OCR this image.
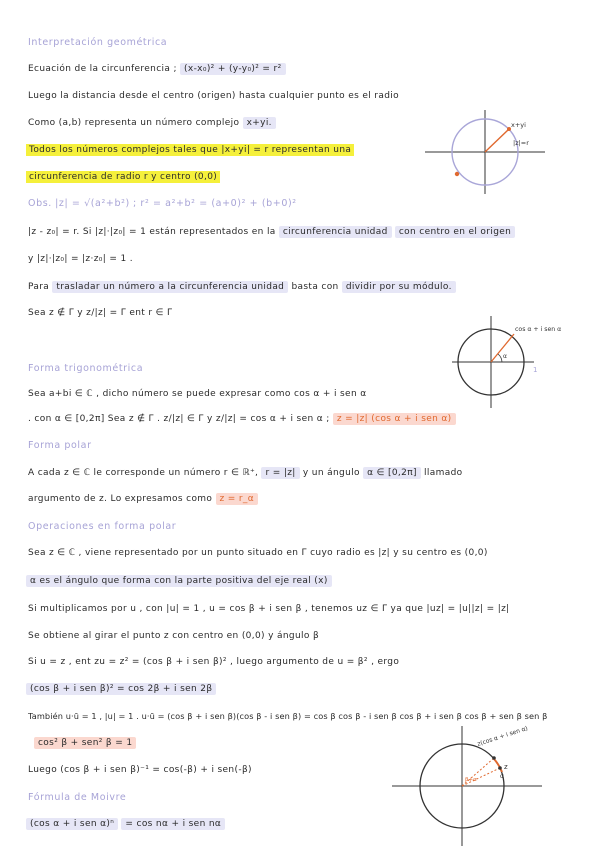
Interpretación geométrica
Ecuación de la circunferencia ; (x-x₀)² + (y-y₀)² = r²
Luego la distancia desde el centro (origen) hasta cualquier punto es el radio
Como (a,b) representa un número complejo x+yi.
Todos los números complejos tales que |x+yi| = r representan una
circunferencia de radio r y centro (0,0)
Obs. |z| = √(a²+b²) ; r² = a²+b² = (a+0)² + (b+0)²
|z - z₀| = r. Si |z|·|z₀| = 1 están representados en la circunferencia unidad con centro en el origen
y |z|·|z₀| = |z·z₀| = 1 .
Para trasladar un número a la circunferencia unidad basta con dividir por su módulo.
Sea z ∉ Γ y z/|z| = Γ ent r ∈ Γ
Forma trigonométrica
Sea a+bi ∈ ℂ , dicho número se puede expresar como cos α + i sen α
. con α ∈ [0,2π] Sea z ∉ Γ . z/|z| ∈ Γ y z/|z| = cos α + i sen α ; z = |z| (cos α + i sen α)
Forma polar
A cada z ∈ ℂ le corresponde un número r ∈ ℝ⁺, r = |z| y un ángulo α ∈ [0,2π] llamado
argumento de z. Lo expresamos como z = r_α
Operaciones en forma polar
Sea z ∈ ℂ , viene representado por un punto situado en Γ cuyo radio es |z| y su centro es (0,0)
α es el ángulo que forma con la parte positiva del eje real (x)
Si multiplicamos por u , con |u| = 1 , u = cos β + i sen β , tenemos uz ∈ Γ ya que |uz| = |u||z| = |z|
Se obtiene al girar el punto z con centro en (0,0) y ángulo β
Si u = z , ent zu = z² = (cos β + i sen β)² , luego argumento de u = β² , ergo
(cos β + i sen β)² = cos 2β + i sen 2β
También u·ū = 1 , |u| = 1 . u·ū = (cos β + i sen β)(cos β - i sen β) = cos β cos β - i sen β cos β + i sen β cos β + sen β sen β
cos² β + sen² β = 1
Luego (cos β + i sen β)⁻¹ = cos(-β) + i sen(-β)
Fórmula de Moivre
(cos α + i sen α)ⁿ = cos nα + i sen nα
x+yi
|z|=r
cos α + i sen α
α
1
z(cos α + i sen α)
z
α
β+α
